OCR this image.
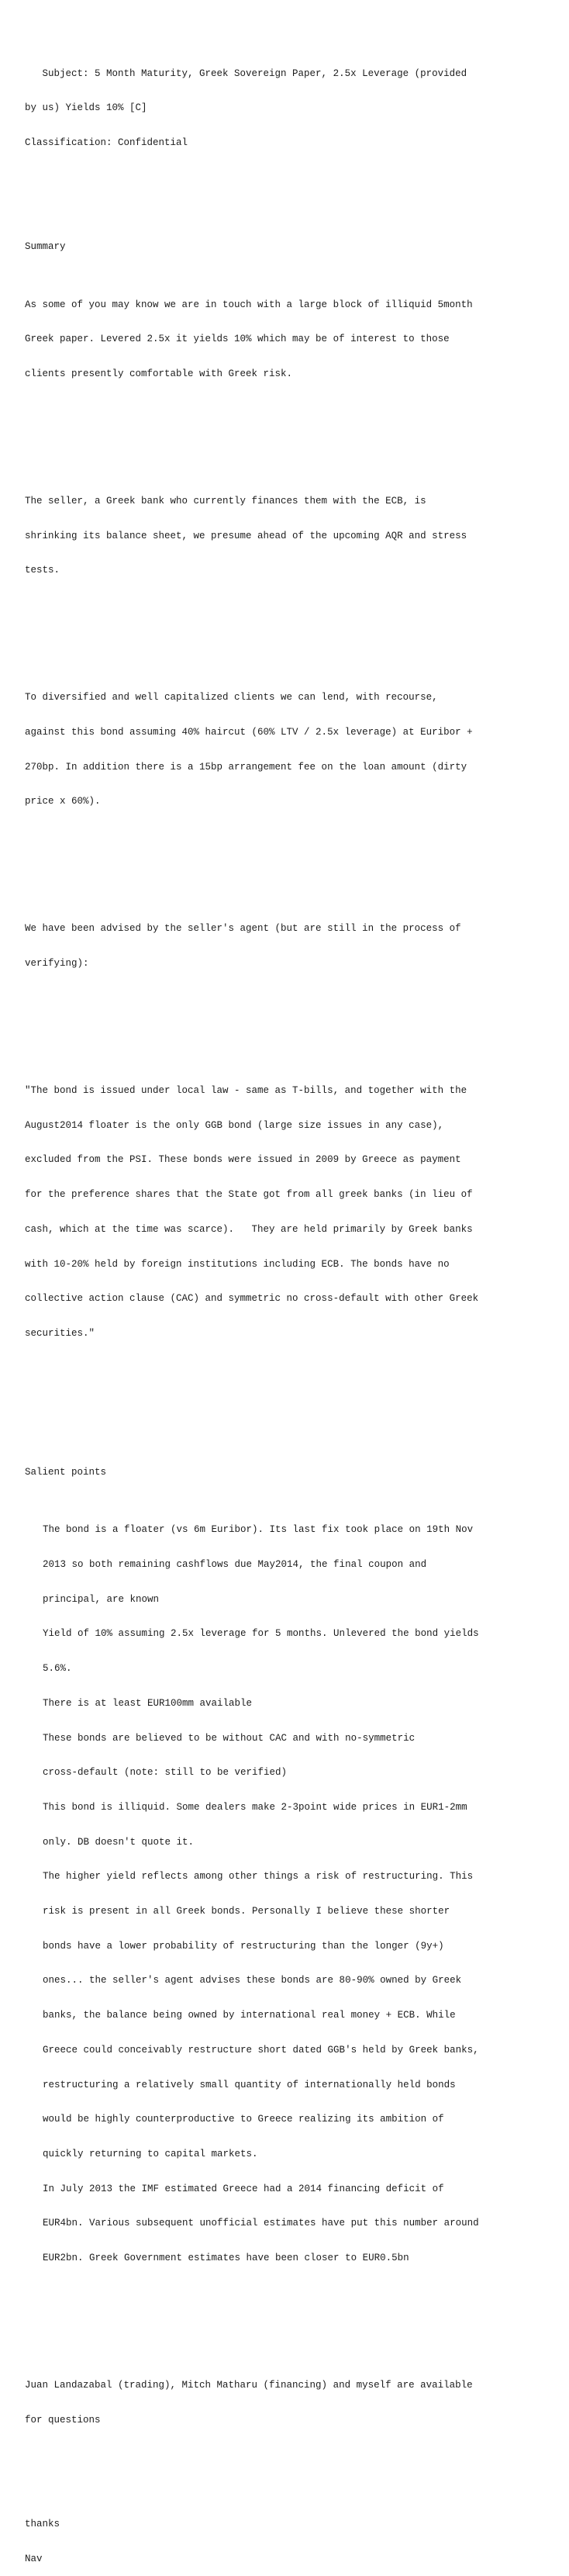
Subject: 5 Month Maturity, Greek Sovereign Paper, 2.5x Leverage (provided

by us) Yields 10% [C]

Classification: Confidential

Summary

As some of you may know we are in touch with a large block of illiquid 5month

Greek paper. Levered 2.5x it yields 10% which may be of interest to those

clients presently comfortable with Greek risk.

The seller, a Greek bank who currently finances them with the ECB, is

shrinking its balance sheet, we presume ahead of the upcoming AQR and stress

tests.

To diversified and well capitalized clients we can lend, with recourse,

against this bond assuming 40% haircut (60% LTV / 2.5x leverage) at Euribor +

270bp. In addition there is a 15bp arrangement fee on the loan amount (dirty

price x 60%).

We have been advised by the seller's agent (but are still in the process of

verifying):

"The bond is issued under local law - same as T-bills, and together with the

August2014 floater is the only GGB bond (large size issues in any case),

excluded from the PSI. These bonds were issued in 2009 by Greece as payment

for the preference shares that the State got from all greek banks (in lieu of

cash, which at the time was scarce).   They are held primarily by Greek banks

with 10-20% held by foreign institutions including ECB. The bonds have no

collective action clause (CAC) and symmetric no cross-default with other Greek

securities."

Salient points

The bond is a floater (vs 6m Euribor). Its last fix took place on 19th Nov

2013 so both remaining cashflows due May2014, the final coupon and

principal, are known

Yield of 10% assuming 2.5x leverage for 5 months. Unlevered the bond yields

5.6%.

There is at least EUR100mm available

These bonds are believed to be without CAC and with no-symmetric

cross-default (note: still to be verified)

This bond is illiquid. Some dealers make 2-3point wide prices in EUR1-2mm

only. DB doesn't quote it.

The higher yield reflects among other things a risk of restructuring. This

risk is present in all Greek bonds. Personally I believe these shorter

bonds have a lower probability of restructuring than the longer (9y+)

ones... the seller's agent advises these bonds are 80-90% owned by Greek

banks, the balance being owned by international real money + ECB. While

Greece could conceivably restructure short dated GGB's held by Greek banks,

restructuring a relatively small quantity of internationally held bonds

would be highly counterproductive to Greece realizing its ambition of

quickly returning to capital markets.

In July 2013 the IMF estimated Greece had a 2014 financing deficit of

EUR4bn. Various subsequent unofficial estimates have put this number around

EUR2bn. Greek Government estimates have been closer to EUR0.5bn

Juan Landazabal (trading), Mitch Matharu (financing) and myself are available

for questions

thanks

Nav
